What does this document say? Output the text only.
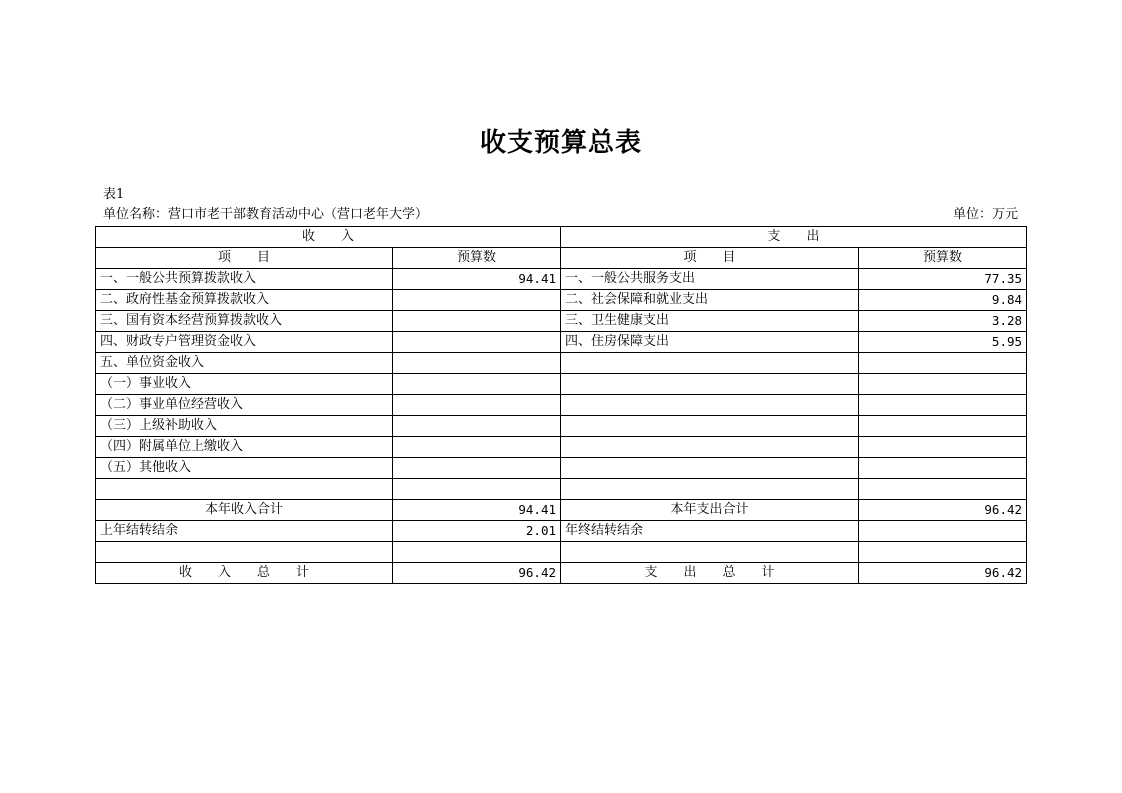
收支预算总表
表1
单位名称：营口市老干部教育活动中心（营口老年大学）	单位：万元
收　　入		支　　出	
项　　目	预算数	项　　目	预算数
一、一般公共预算拨款收入	94.41	一、一般公共服务支出	77.35
二、政府性基金预算拨款收入		二、社会保障和就业支出	9.84
三、国有资本经营预算拨款收入		三、卫生健康支出	3.28
四、财政专户管理资金收入		四、住房保障支出	5.95
五、单位资金收入			
（一）事业收入			
（二）事业单位经营收入			
（三）上级补助收入			
（四）附属单位上缴收入			
（五）其他收入			

本年收入合计	94.41	本年支出合计	96.42
上年结转结余	2.01	年终结转结余	

收　　入　　总　　计	96.42	支　　出　　总　　计	96.42
